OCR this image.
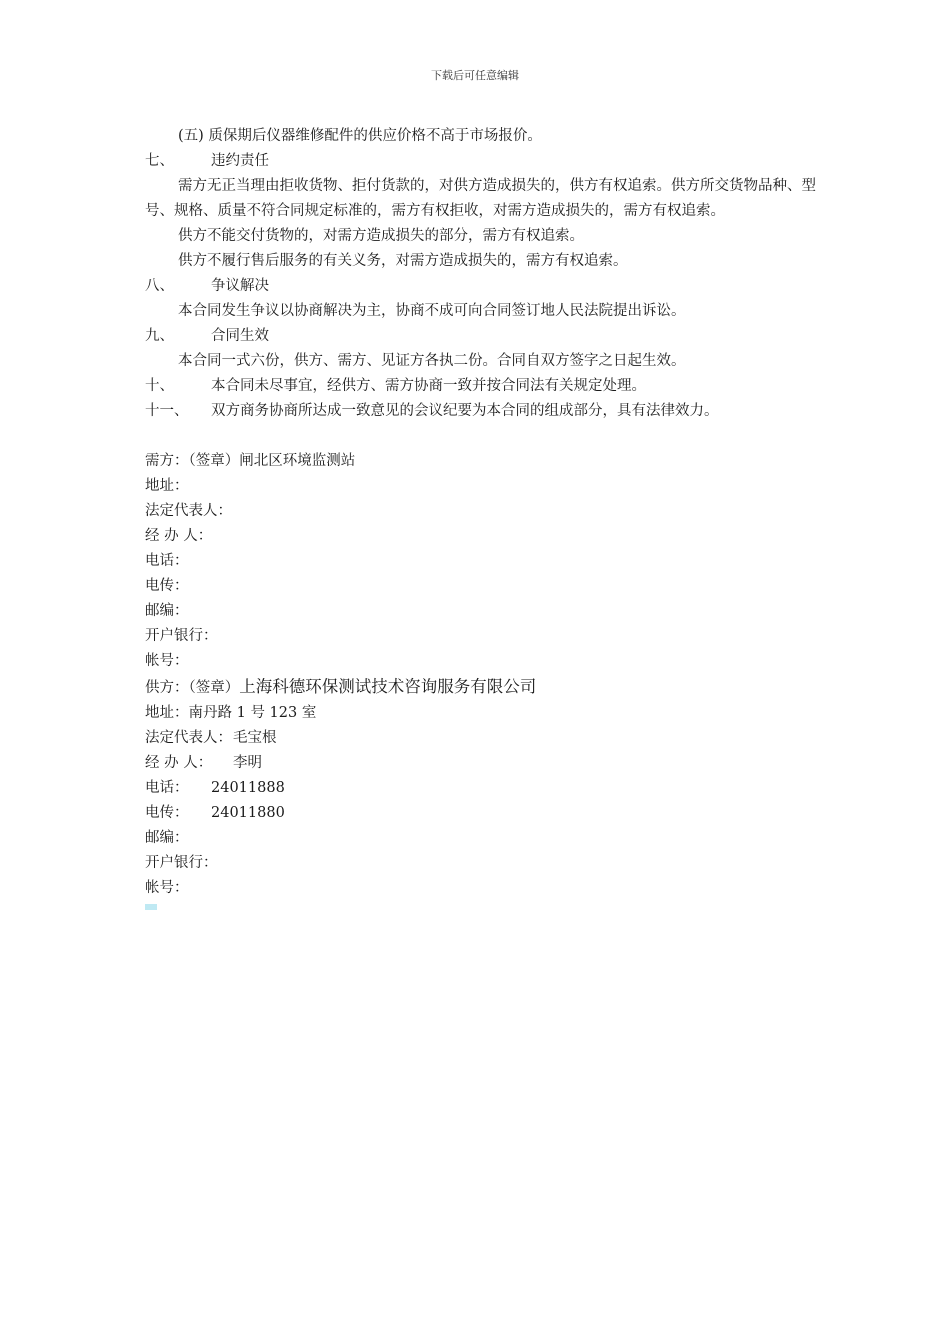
下载后可任意编辑
(五) 质保期后仪器维修配件的供应价格不高于市场报价。
七、	违约责任
需方无正当理由拒收货物、拒付货款的，对供方造成损失的，供方有权追索。供方所交货物品种、型号、规格、质量不符合同规定标准的，需方有权拒收，对需方造成损失的，需方有权追索。
供方不能交付货物的，对需方造成损失的部分，需方有权追索。
供方不履行售后服务的有关义务，对需方造成损失的，需方有权追索。
八、	争议解决
本合同发生争议以协商解决为主，协商不成可向合同签订地人民法院提出诉讼。
九、	合同生效
本合同一式六份，供方、需方、见证方各执二份。合同自双方签字之日起生效。
十、	本合同未尽事宜，经供方、需方协商一致并按合同法有关规定处理。
十一、 双方商务协商所达成一致意见的会议纪要为本合同的组成部分，具有法律效力。
需方：（签章）闸北区环境监测站
地址：
法定代表人：
经 办 人：
电话：
电传：
邮编：
开户银行：
帐号：
供方：（签章）上海科德环保测试技术咨询服务有限公司
地址：南丹路 1 号 123 室
法定代表人：毛宝根
经 办 人： 李明
电话： 24011888
电传： 24011880
邮编：
开户银行：
帐号：
